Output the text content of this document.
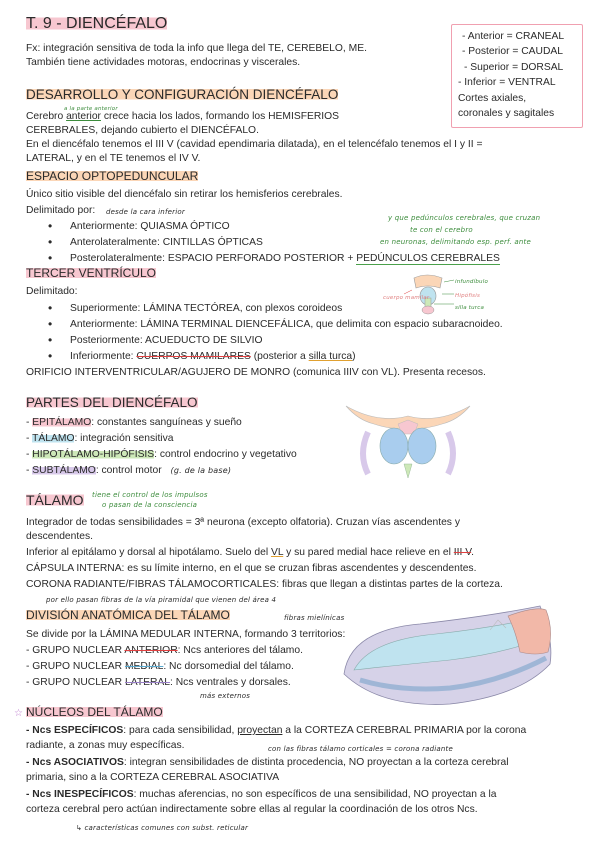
T. 9 - DIENCÉFALO
Fx: integración sensitiva de toda la info que llega del TE, CEREBELO, ME.
También tiene actividades motoras, endocrinas y viscerales.
- Anterior = CRANEAL
- Posterior = CAUDAL
- Superior = DORSAL
- Inferior = VENTRAL
Cortes axiales,
coronales y sagitales
DESARROLLO Y CONFIGURACIÓN DIENCÉFALO
a la parte anterior
Cerebro anterior crece hacia los lados, formando los HEMISFERIOS
CEREBRALES, dejando cubierto el DIENCÉFALO.
En el diencéfalo tenemos el III V (cavidad ependimaria dilatada), en el telencéfalo tenemos el I y II =
LATERAL, y en el TE tenemos el IV V.
ESPACIO OPTOPEDUNCULAR
Único sitio visible del diencéfalo sin retirar los hemisferios cerebrales.
Delimitado por: desde la cara inferior
• Anteriormente: QUIASMA ÓPTICO
• Anterolateralmente: CINTILLAS ÓPTICAS
• Posterolateralmente: ESPACIO PERFORADO POSTERIOR + PEDÚNCULOS CEREBRALES
y que pedúnculos cerebrales, que cruzan
te con el cerebro
en neuronas, delimitando esp. perf. ante
TERCER VENTRÍCULO
Delimitado:
• Superiormente: LÁMINA TECTÓREA, con plexos coroideos
• Anteriormente: LÁMINA TERMINAL DIENCEFÁLICA, que delimita con espacio subaracnoideo.
• Posteriormente: ACUEDUCTO DE SILVIO
• Inferiormente: CUERPOS MAMILARES (posterior a silla turca)
ORIFICIO INTERVENTRICULAR/AGUJERO DE MONRO (comunica IIIV con VL). Presenta recesos.
infundíbulo
Hipófisis
silla turca
cuerpo mamilar
PARTES DEL DIENCÉFALO
- EPITÁLAMO: constantes sanguíneas y sueño
- TÁLAMO: integración sensitiva
- HIPOTÁLAMO-HIPÓFISIS: control endocrino y vegetativo
- SUBTÁLAMO: control motor (g. de la base)
TÁLAMO tiene el control de los impulsos
o pasan de la consciencia
Integrador de todas sensibilidades = 3ª neurona (excepto olfatoria). Cruzan vías ascendentes y
descendentes.
Inferior al epitálamo y dorsal al hipotálamo. Suelo del VL y su pared medial hace relieve en el III V.
CÁPSULA INTERNA: es su límite interno, en el que se cruzan fibras ascendentes y descendentes.
CORONA RADIANTE/FIBRAS TÁLAMOCORTICALES: fibras que llegan a distintas partes de la corteza.
por ello pasan fibras de la vía piramidal que vienen del área 4
DIVISIÓN ANATÓMICA DEL TÁLAMO	fibras mielínicas
Se divide por la LÁMINA MEDULAR INTERNA, formando 3 territorios:
- GRUPO NUCLEAR ANTERIOR: Ncs anteriores del tálamo.
- GRUPO NUCLEAR MEDIAL: Nc dorsomedial del tálamo.
- GRUPO NUCLEAR LATERAL: Ncs ventrales y dorsales.
más externos
☆ NÚCLEOS DEL TÁLAMO
- Ncs ESPECÍFICOS: para cada sensibilidad, proyectan a la CORTEZA CEREBRAL PRIMARIA por la corona
radiante, a zonas muy específicas.	con las fibras tálamo corticales = corona radiante
- Ncs ASOCIATIVOS: integran sensibilidades de distinta procedencia, NO proyectan a la corteza cerebral
primaria, sino a la CORTEZA CEREBRAL ASOCIATIVA
- Ncs INESPECÍFICOS: muchas aferencias, no son específicos de una sensibilidad, NO proyectan a la
corteza cerebral pero actúan indirectamente sobre ellas al regular la coordinación de los otros Ncs.
↳ características comunes con subst. reticular
